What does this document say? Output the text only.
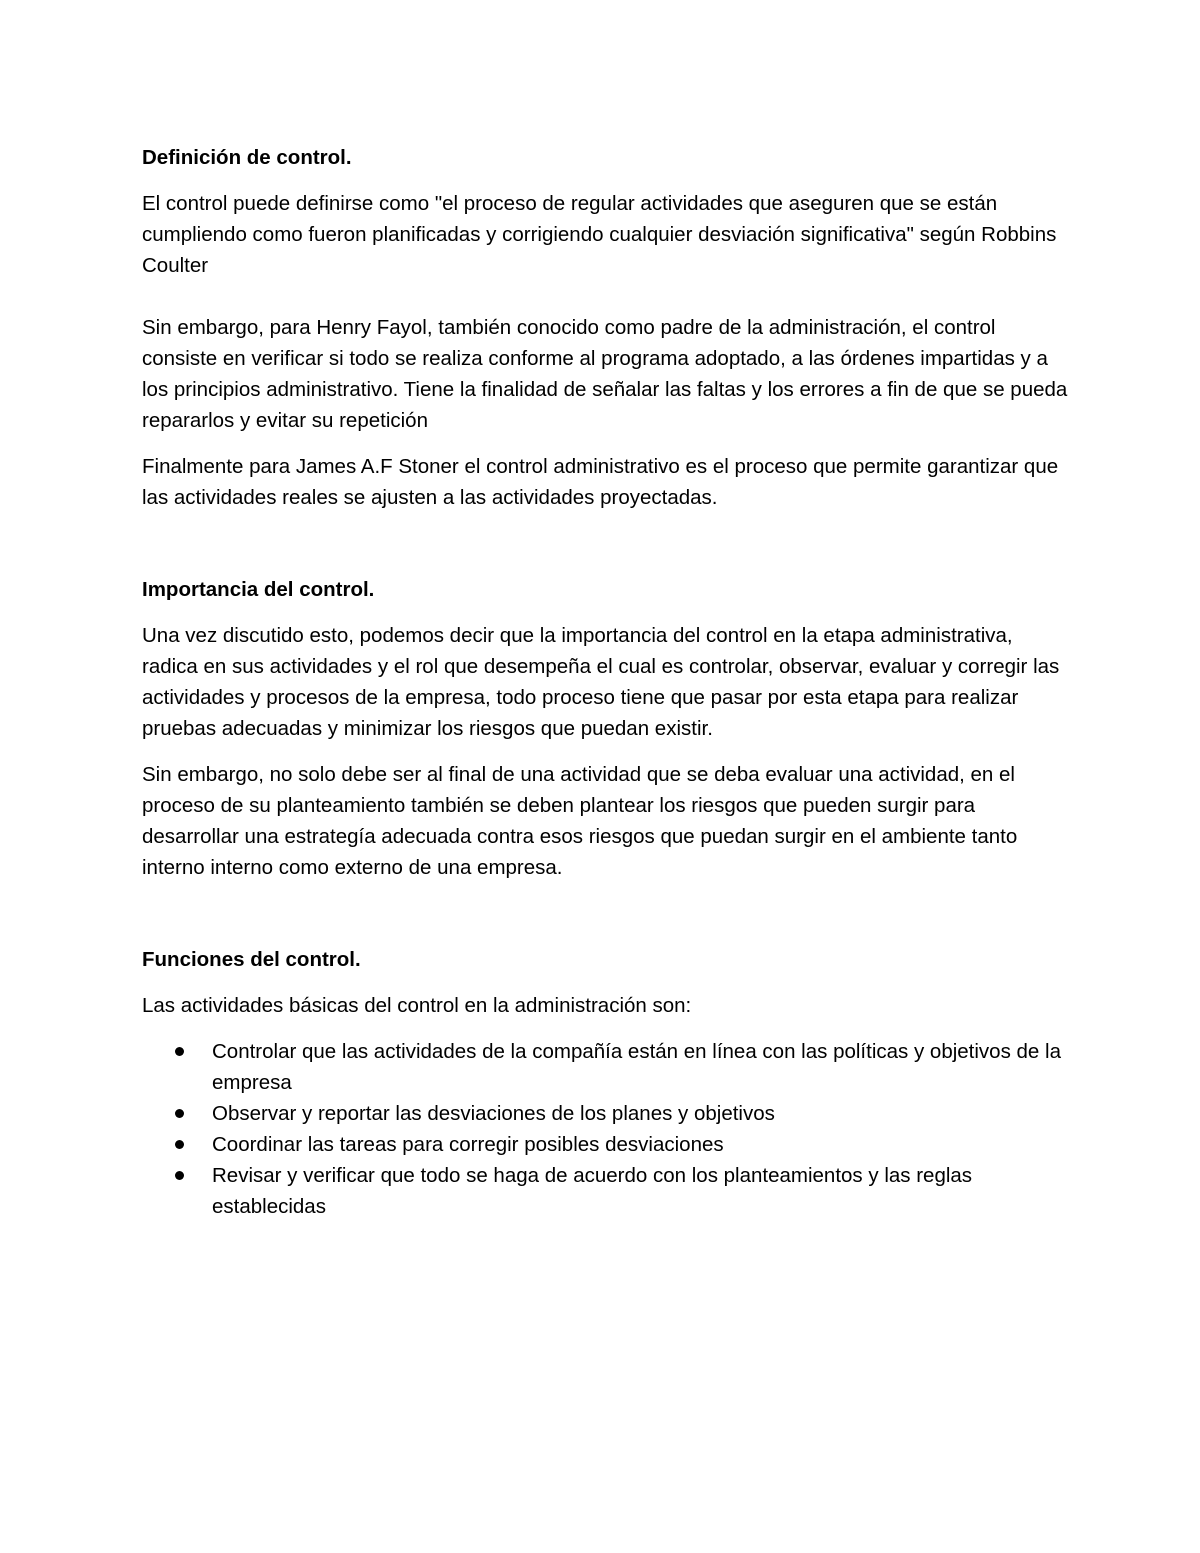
Definición de control.

El control puede definirse como "el proceso de regular actividades que aseguren que se están cumpliendo como fueron planificadas y corrigiendo cualquier desviación significativa" según Robbins Coulter

Sin embargo, para Henry Fayol, también conocido como padre de la administración, el control consiste en verificar si todo se realiza conforme al programa adoptado, a las órdenes impartidas y a los principios administrativo. Tiene la finalidad de señalar las faltas y los errores a fin de que se pueda repararlos y evitar su repetición

Finalmente para James A.F Stoner el control administrativo es el proceso que permite garantizar que las actividades reales se ajusten a las actividades proyectadas.

Importancia del control.

Una vez discutido esto, podemos decir que la importancia del control en la etapa administrativa, radica en sus actividades y el rol que desempeña el cual es controlar, observar, evaluar y corregir las actividades y procesos de la empresa, todo proceso tiene que pasar por esta etapa para realizar pruebas adecuadas y minimizar los riesgos que puedan existir.

Sin embargo, no solo debe ser al final de una actividad que se deba evaluar una actividad, en el proceso de su planteamiento también se deben plantear los riesgos que pueden surgir para desarrollar una estrategía adecuada contra esos riesgos que puedan surgir en el ambiente tanto interno interno como externo de una empresa.

Funciones del control.

Las actividades básicas del control en la administración son:

Controlar que las actividades de la compañía están en línea con las políticas y objetivos de la empresa
Observar y reportar las desviaciones de los planes y objetivos
Coordinar las tareas para corregir posibles desviaciones
Revisar y verificar que todo se haga de acuerdo con los planteamientos y las reglas establecidas
